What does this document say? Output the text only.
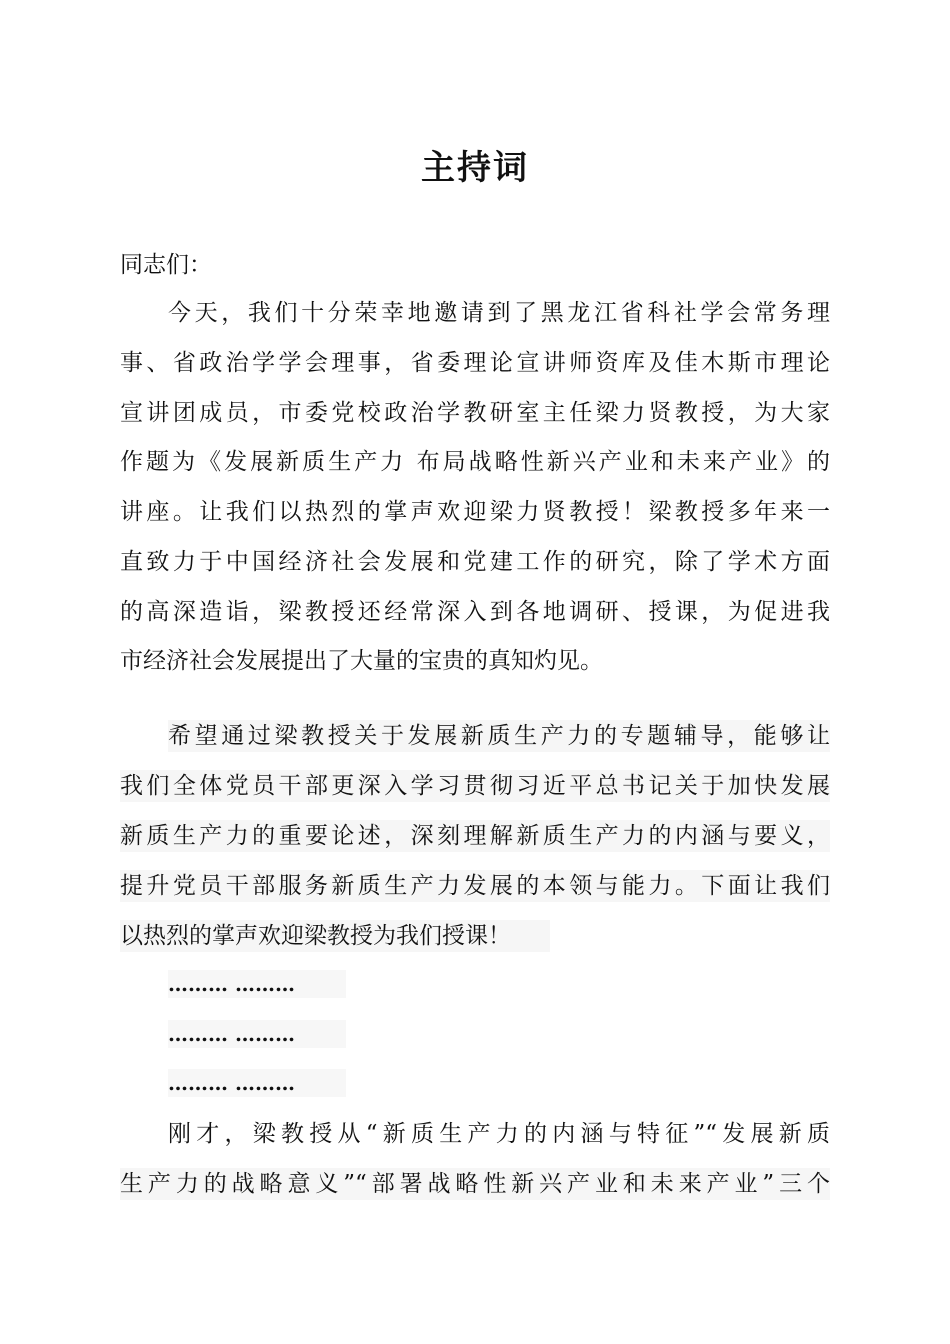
主持词
同志们：
今天，我们十分荣幸地邀请到了黑龙江省科社学会常务理
事、省政治学学会理事，省委理论宣讲师资库及佳木斯市理论
宣讲团成员，市委党校政治学教研室主任梁力贤教授，为大家
作题为《发展新质生产力 布局战略性新兴产业和未来产业》的
讲座。让我们以热烈的掌声欢迎梁力贤教授！梁教授多年来一
直致力于中国经济社会发展和党建工作的研究，除了学术方面
的高深造诣，梁教授还经常深入到各地调研、授课，为促进我
市经济社会发展提出了大量的宝贵的真知灼见。
希望通过梁教授关于发展新质生产力的专题辅导，能够让
我们全体党员干部更深入学习贯彻习近平总书记关于加快发展
新质生产力的重要论述，深刻理解新质生产力的内涵与要义，
提升党员干部服务新质生产力发展的本领与能力。下面让我们
以热烈的掌声欢迎梁教授为我们授课！
……… ………
……… ………
……… ………
刚才，梁教授从“新质生产力的内涵与特征”“发展新质
生产力的战略意义”“部署战略性新兴产业和未来产业”三个
